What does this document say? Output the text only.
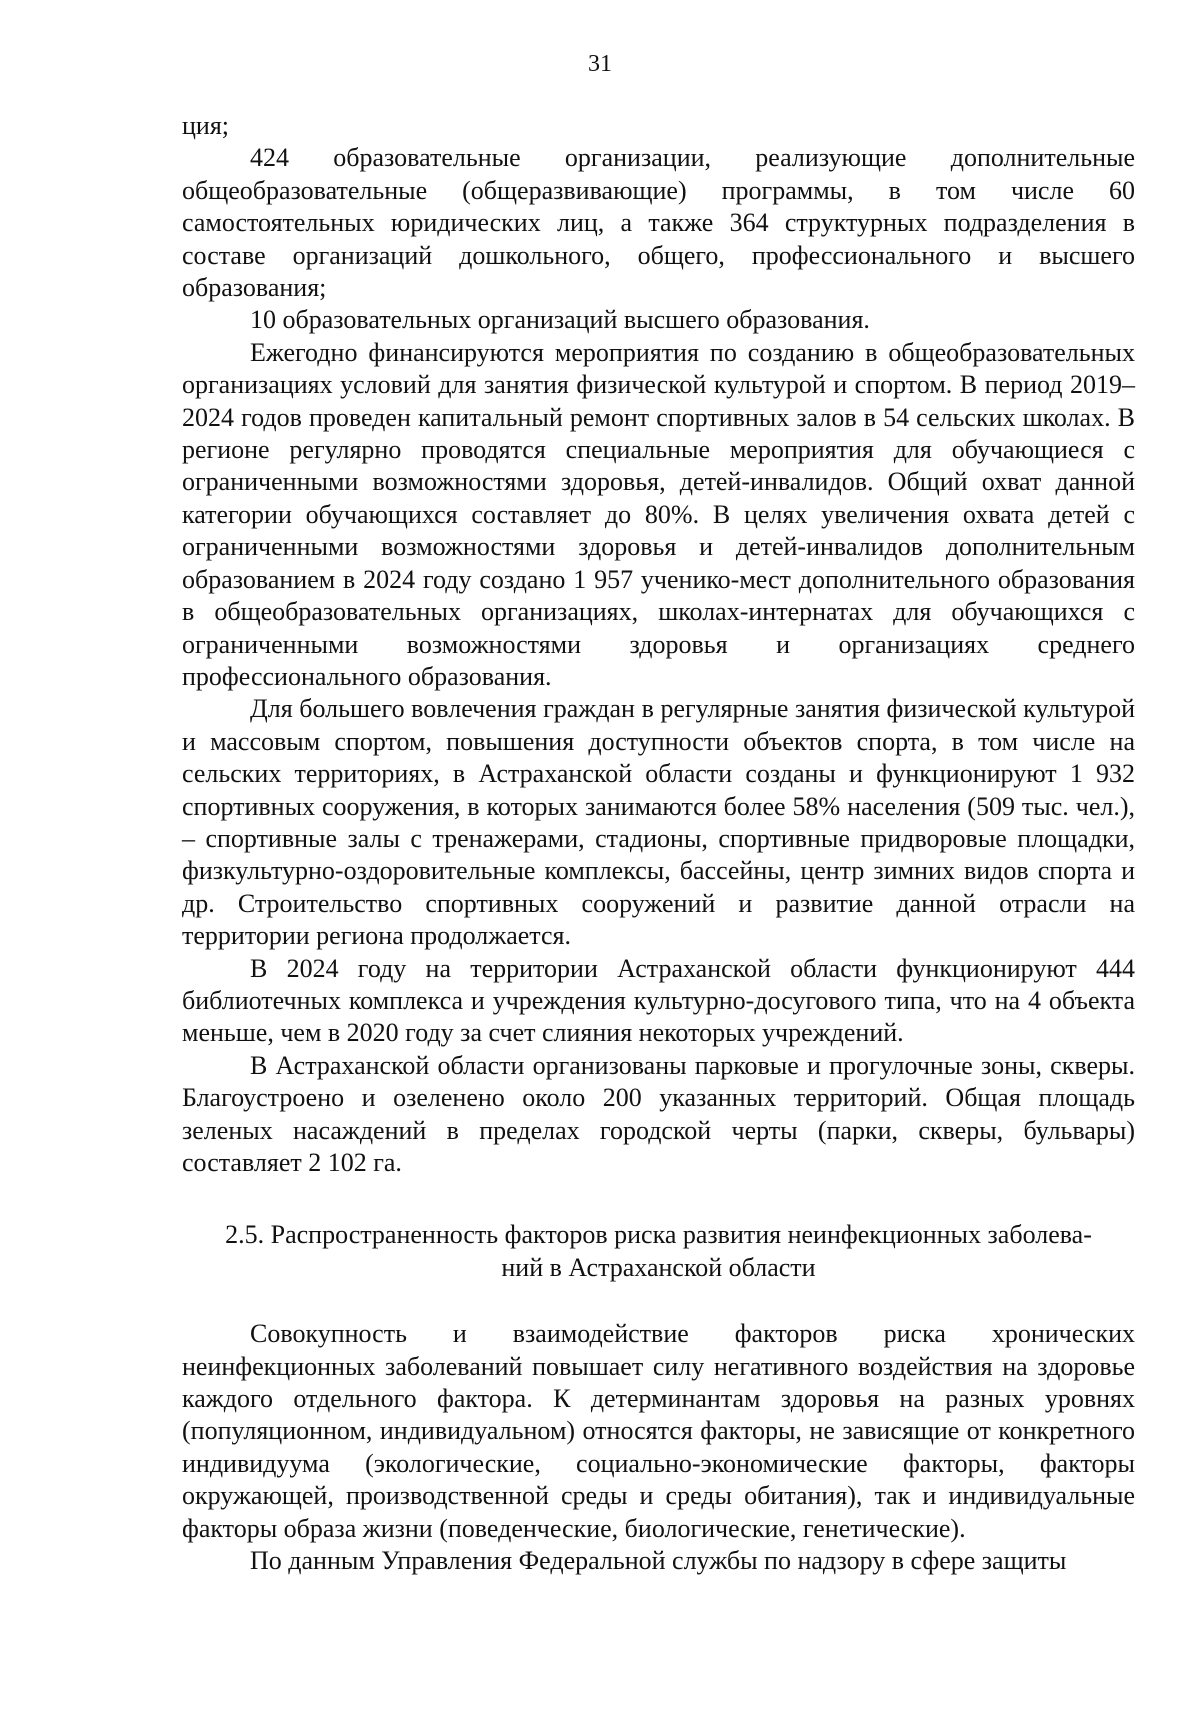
31

ция;

424 образовательные организации, реализующие дополнительные общеобразовательные (общеразвивающие) программы, в том числе 60 самостоятельных юридических лиц, а также 364 структурных подразделения в составе организаций дошкольного, общего, профессионального и высшего образования;

10 образовательных организаций высшего образования.

Ежегодно финансируются мероприятия по созданию в общеобразовательных организациях условий для занятия физической культурой и спортом. В период 2019–2024 годов проведен капитальный ремонт спортивных залов в 54 сельских школах. В регионе регулярно проводятся специальные мероприятия для обучающиеся с ограниченными возможностями здоровья, детей-инвалидов. Общий охват данной категории обучающихся составляет до 80%. В целях увеличения охвата детей с ограниченными возможностями здоровья и детей-инвалидов дополнительным образованием в 2024 году создано 1 957 ученико-мест дополнительного образования в общеобразовательных организациях, школах-интернатах для обучающихся с ограниченными возможностями здоровья и организациях среднего профессионального образования.

Для большего вовлечения граждан в регулярные занятия физической культурой и массовым спортом, повышения доступности объектов спорта, в том числе на сельских территориях, в Астраханской области созданы и функционируют 1 932 спортивных сооружения, в которых занимаются более 58% населения (509 тыс. чел.), – спортивные залы с тренажерами, стадионы, спортивные придворовые площадки, физкультурно-оздоровительные комплексы, бассейны, центр зимних видов спорта и др. Строительство спортивных сооружений и развитие данной отрасли на территории региона продолжается.

В 2024 году на территории Астраханской области функционируют 444 библиотечных комплекса и учреждения культурно-досугового типа, что на 4 объекта меньше, чем в 2020 году за счет слияния некоторых учреждений.

В Астраханской области организованы парковые и прогулочные зоны, скверы. Благоустроено и озеленено около 200 указанных территорий. Общая площадь зеленых насаждений в пределах городской черты (парки, скверы, бульвары) составляет 2 102 га.

2.5. Распространенность факторов риска развития неинфекционных заболева-
ний в Астраханской области

Совокупность и взаимодействие факторов риска хронических неинфекционных заболеваний повышает силу негативного воздействия на здоровье каждого отдельного фактора. К детерминантам здоровья на разных уровнях (популяционном, индивидуальном) относятся факторы, не зависящие от конкретного индивидуума (экологические, социально-экономические факторы, факторы окружающей, производственной среды и среды обитания), так и индивидуальные факторы образа жизни (поведенческие, биологические, генетические).

По данным Управления Федеральной службы по надзору в сфере защиты
